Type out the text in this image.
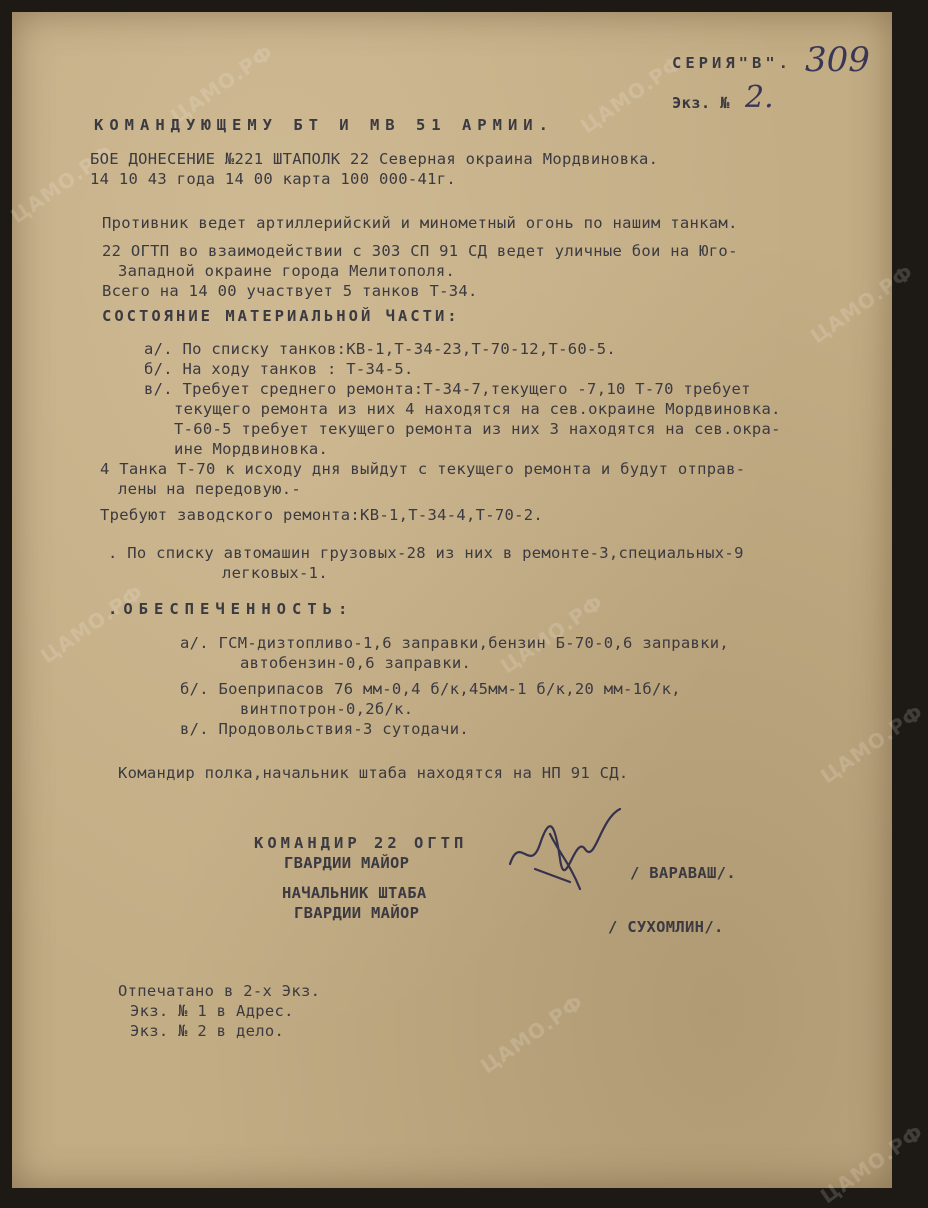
ЦАМО.РФ	ЦАМО.РФ
ЦАМО.РФ
ЦАМО.РФ
ЦАМО.РФ	ЦАМО.РФ
ЦАМО.РФ
ЦАМО.РФ
ЦАМО.РФ
СЕРИЯ"В". 309
Экз. № 2.
КОМАНДУЮЩЕМУ БТ И МВ 51 АРМИИ.
БОЕ ДОНЕСЕНИЕ №221 ШТАПОЛК 22 Северная окраина Мордвиновка.
14 10 43 года 14 00 карта 100 000-41г.
Противник ведет артиллерийский и минометный огонь по нашим танкам.
22 ОГТП во взаимодействии с 303 СП 91 СД ведет уличные бои на Юго-
Западной окраине города Мелитополя.
Всего на 14 00 участвует 5 танков Т-34.
СОСТОЯНИЕ МАТЕРИАЛЬНОЙ ЧАСТИ:
а/. По списку танков:КВ-1,Т-34-23,Т-70-12,Т-60-5.
б/. На ходу танков : Т-34-5.
в/. Требует среднего ремонта:Т-34-7,текущего -7,10 Т-70 требует
текущего ремонта из них 4 находятся на сев.окраине Мордвиновка.
Т-60-5 требует текущего ремонта из них 3 находятся на сев.окра-
ине Мордвиновка.
4 Танка Т-70 к исходу дня выйдут с текущего ремонта и будут отправ-
лены на передовую.-
Требуют заводского ремонта:КВ-1,Т-34-4,Т-70-2.
. По списку автомашин грузовых-28 из них в ремонте-3,специальных-9
легковых-1.
.ОБЕСПЕЧЕННОСТЬ:
а/. ГСМ-дизтопливо-1,6 заправки,бензин Б-70-0,6 заправки,
автобензин-0,6 заправки.
б/. Боеприпасов 76 мм-0,4 б/к,45мм-1 б/к,20 мм-1б/к,
винтпотрон-0,2б/к.
в/. Продовольствия-3 сутодачи.
Командир полка,начальник штаба находятся на НП 91 СД.
КОМАНДИР 22 ОГТП
ГВАРДИИ МАЙОР
/ ВАРАВАШ/.
НАЧАЛЬНИК ШТАБА
ГВАРДИИ МАЙОР
/ СУХОМЛИН/.
Отпечатано в 2-х Экз.
Экз. № 1 в Адрес.
Экз. № 2 в дело.
